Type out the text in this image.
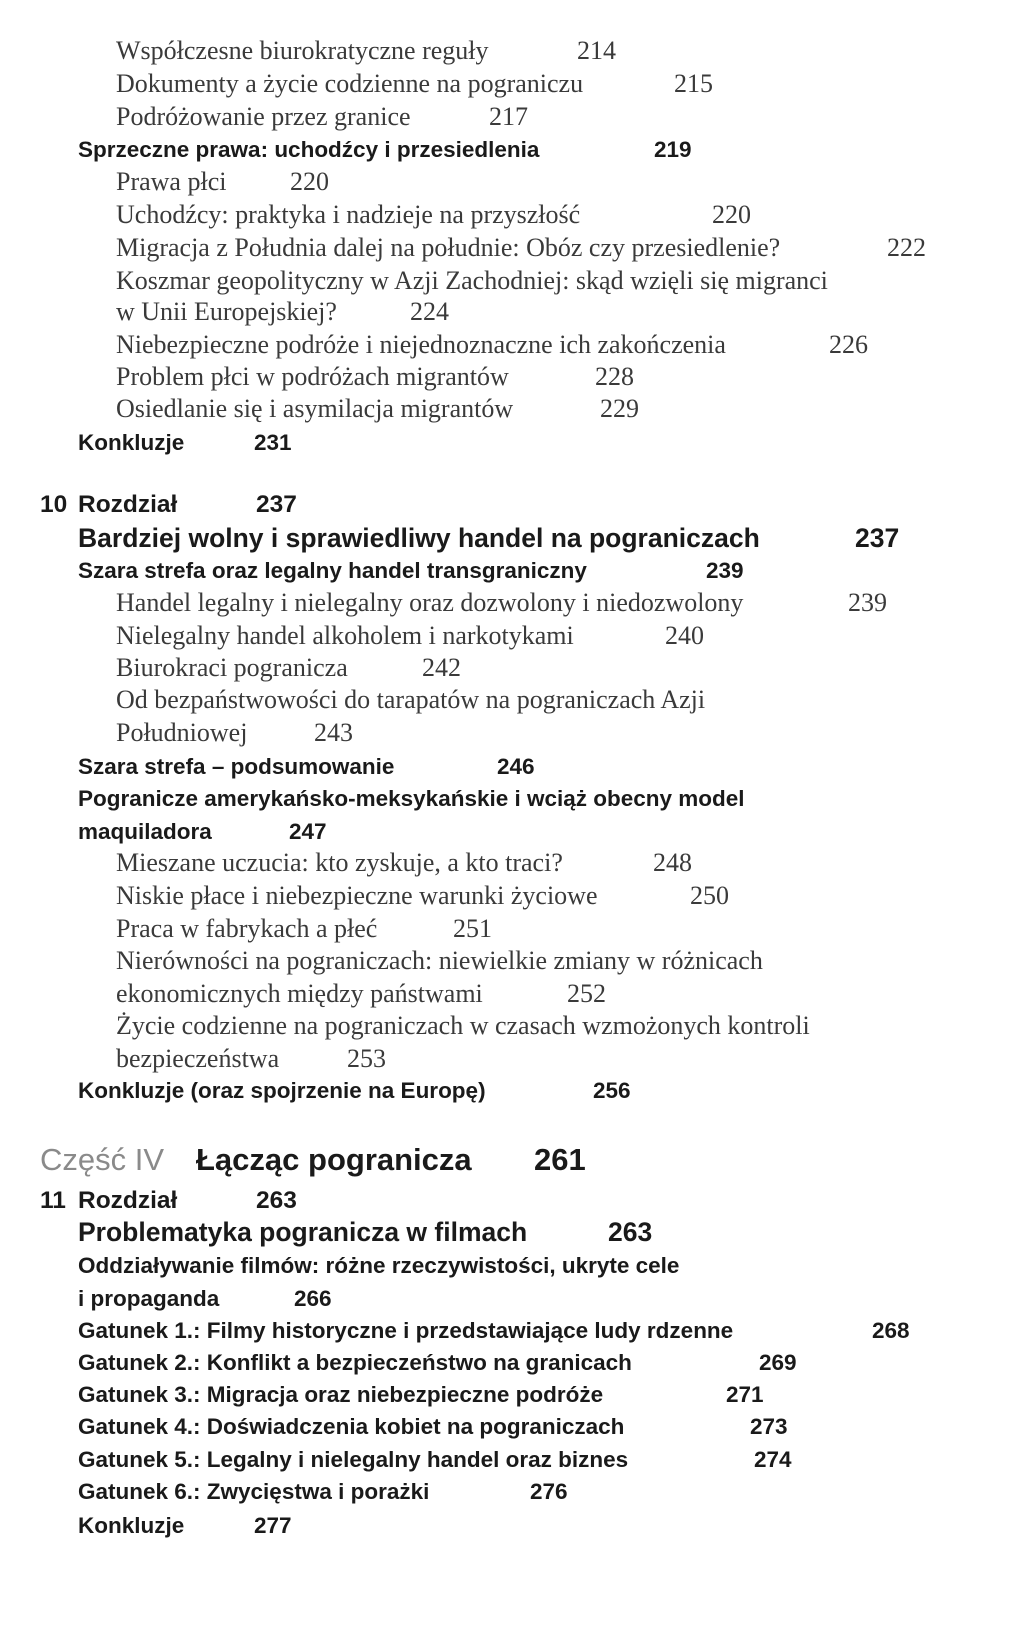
Współczesne biurokratyczne reguły	214
Dokumenty a życie codzienne na pograniczu	215
Podróżowanie przez granice	217
Sprzeczne prawa: uchodźcy i przesiedlenia	219
Prawa płci 220
Uchodźcy: praktyka i nadzieje na przyszłość	220
Migracja z Południa dalej na południe: Obóz czy przesiedlenie?	222
Koszmar geopolityczny w Azji Zachodniej: skąd wzięli się migranci
w Unii Europejskiej?	224
Niebezpieczne podróże i niejednoznaczne ich zakończenia	226
Problem płci w podróżach migrantów	228
Osiedlanie się i asymilacja migrantów	229
Konkluzje	231
10 Rozdział	237
Bardziej wolny i sprawiedliwy handel na pograniczach	237
Szara strefa oraz legalny handel transgraniczny	239
Handel legalny i nielegalny oraz dozwolony i niedozwolony	239
Nielegalny handel alkoholem i narkotykami	240
Biurokraci pogranicza	242
Od bezpaństwowości do tarapatów na pograniczach Azji
Południowej	243
Szara strefa – podsumowanie	246
Pogranicze amerykańsko-meksykańskie i wciąż obecny model
maquiladora	247
Mieszane uczucia: kto zyskuje, a kto traci?	248
Niskie płace i niebezpieczne warunki życiowe	250
Praca w fabrykach a płeć	251
Nierówności na pograniczach: niewielkie zmiany w różnicach
ekonomicznych między państwami	252
Życie codzienne na pograniczach w czasach wzmożonych kontroli
bezpieczeństwa	253
Konkluzje (oraz spojrzenie na Europę)	256
Część IV Łącząc pogranicza 261
11 Rozdział	263
Problematyka pogranicza w filmach	263
Oddziaływanie filmów: różne rzeczywistości, ukryte cele
i propaganda	266
Gatunek 1.: Filmy historyczne i przedstawiające ludy rdzenne	268
Gatunek 2.: Konflikt a bezpieczeństwo na granicach	269
Gatunek 3.: Migracja oraz niebezpieczne podróże	271
Gatunek 4.: Doświadczenia kobiet na pograniczach	273
Gatunek 5.: Legalny i nielegalny handel oraz biznes	274
Gatunek 6.: Zwycięstwa i porażki	276
Konkluzje	277
